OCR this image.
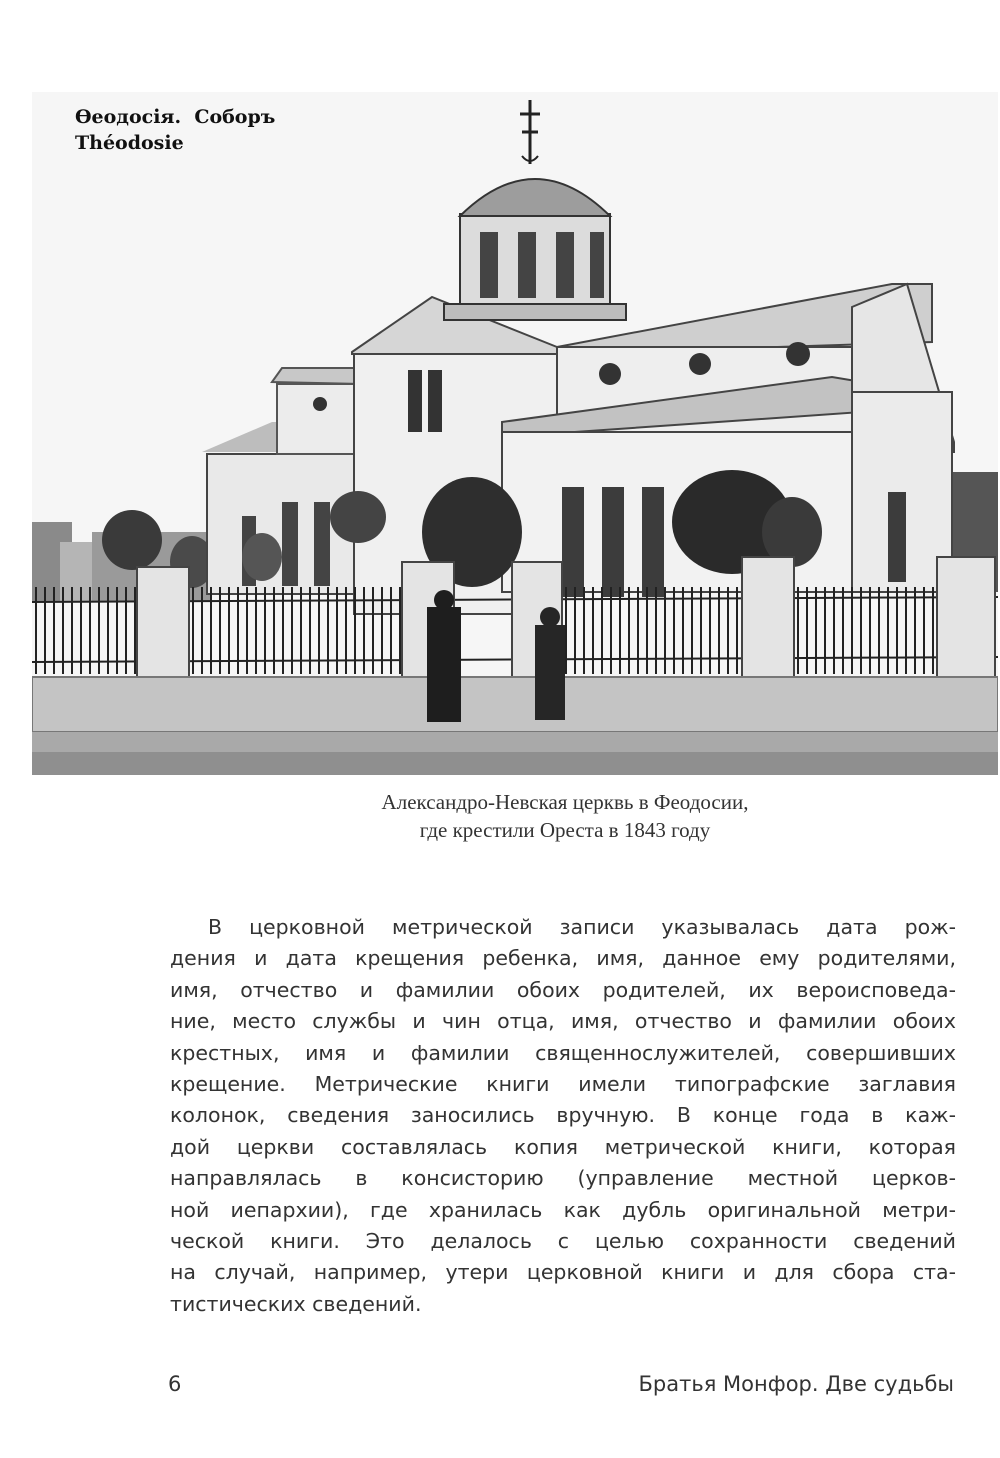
Ѳеодосія.  Соборъ
Théodosie
Александро-Невская церквь в Феодосии,
где крестили Ореста в 1843 году
В церковной метрической записи указывалась дата рож-
дения и дата крещения ребенка, имя, данное ему родителями,
имя, отчество и фамилии обоих родителей, их вероисповеда-
ние, место службы и чин отца, имя, отчество и фамилии обоих
крестных, имя и фамилии священнослужителей, совершивших
крещение. Метрические книги имели типографские заглавия
колонок, сведения заносились вручную. В конце года в каж-
дой церкви составлялась копия метрической книги, которая
направлялась в консисторию (управление местной церков-
ной иепархии), где хранилась как дубль оригинальной метри-
ческой книги. Это делалось с целью сохранности сведений
на случай, например, утери церковной книги и для сбора ста-
тистических сведений.
6	Братья Монфор. Две судьбы
